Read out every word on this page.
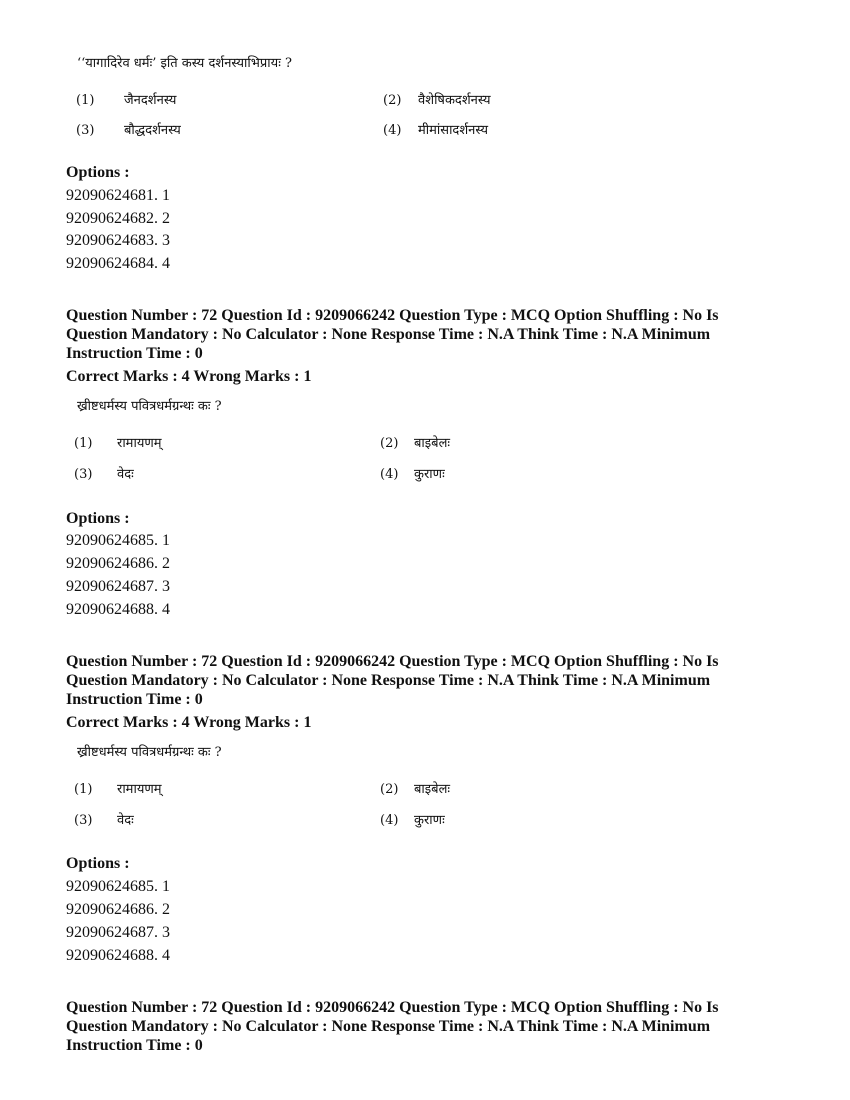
‘‘यागादिरेव धर्मः’ इति कस्य दर्शनस्याभिप्रायः ?
(1) जैनदर्शनस्य	(2) वैशेषिकदर्शनस्य
(3) बौद्धदर्शनस्य	(4) मीमांसादर्शनस्य
Options :
92090624681. 1
92090624682. 2
92090624683. 3
92090624684. 4
Question Number : 72 Question Id : 9209066242 Question Type : MCQ Option Shuffling : No Is
Question Mandatory : No Calculator : None Response Time : N.A Think Time : N.A Minimum
Instruction Time : 0
Correct Marks : 4 Wrong Marks : 1
ख्रीष्टधर्मस्य पवित्रधर्मग्रन्थः कः ?
(1) रामायणम्	(2) बाइबेलः
(3) वेदः	(4) कुराणः
Options :
92090624685. 1
92090624686. 2
92090624687. 3
92090624688. 4
Question Number : 72 Question Id : 9209066242 Question Type : MCQ Option Shuffling : No Is
Question Mandatory : No Calculator : None Response Time : N.A Think Time : N.A Minimum
Instruction Time : 0
Correct Marks : 4 Wrong Marks : 1
ख्रीष्टधर्मस्य पवित्रधर्मग्रन्थः कः ?
(1) रामायणम्	(2) बाइबेलः
(3) वेदः	(4) कुराणः
Options :
92090624685. 1
92090624686. 2
92090624687. 3
92090624688. 4
Question Number : 72 Question Id : 9209066242 Question Type : MCQ Option Shuffling : No Is
Question Mandatory : No Calculator : None Response Time : N.A Think Time : N.A Minimum
Instruction Time : 0
